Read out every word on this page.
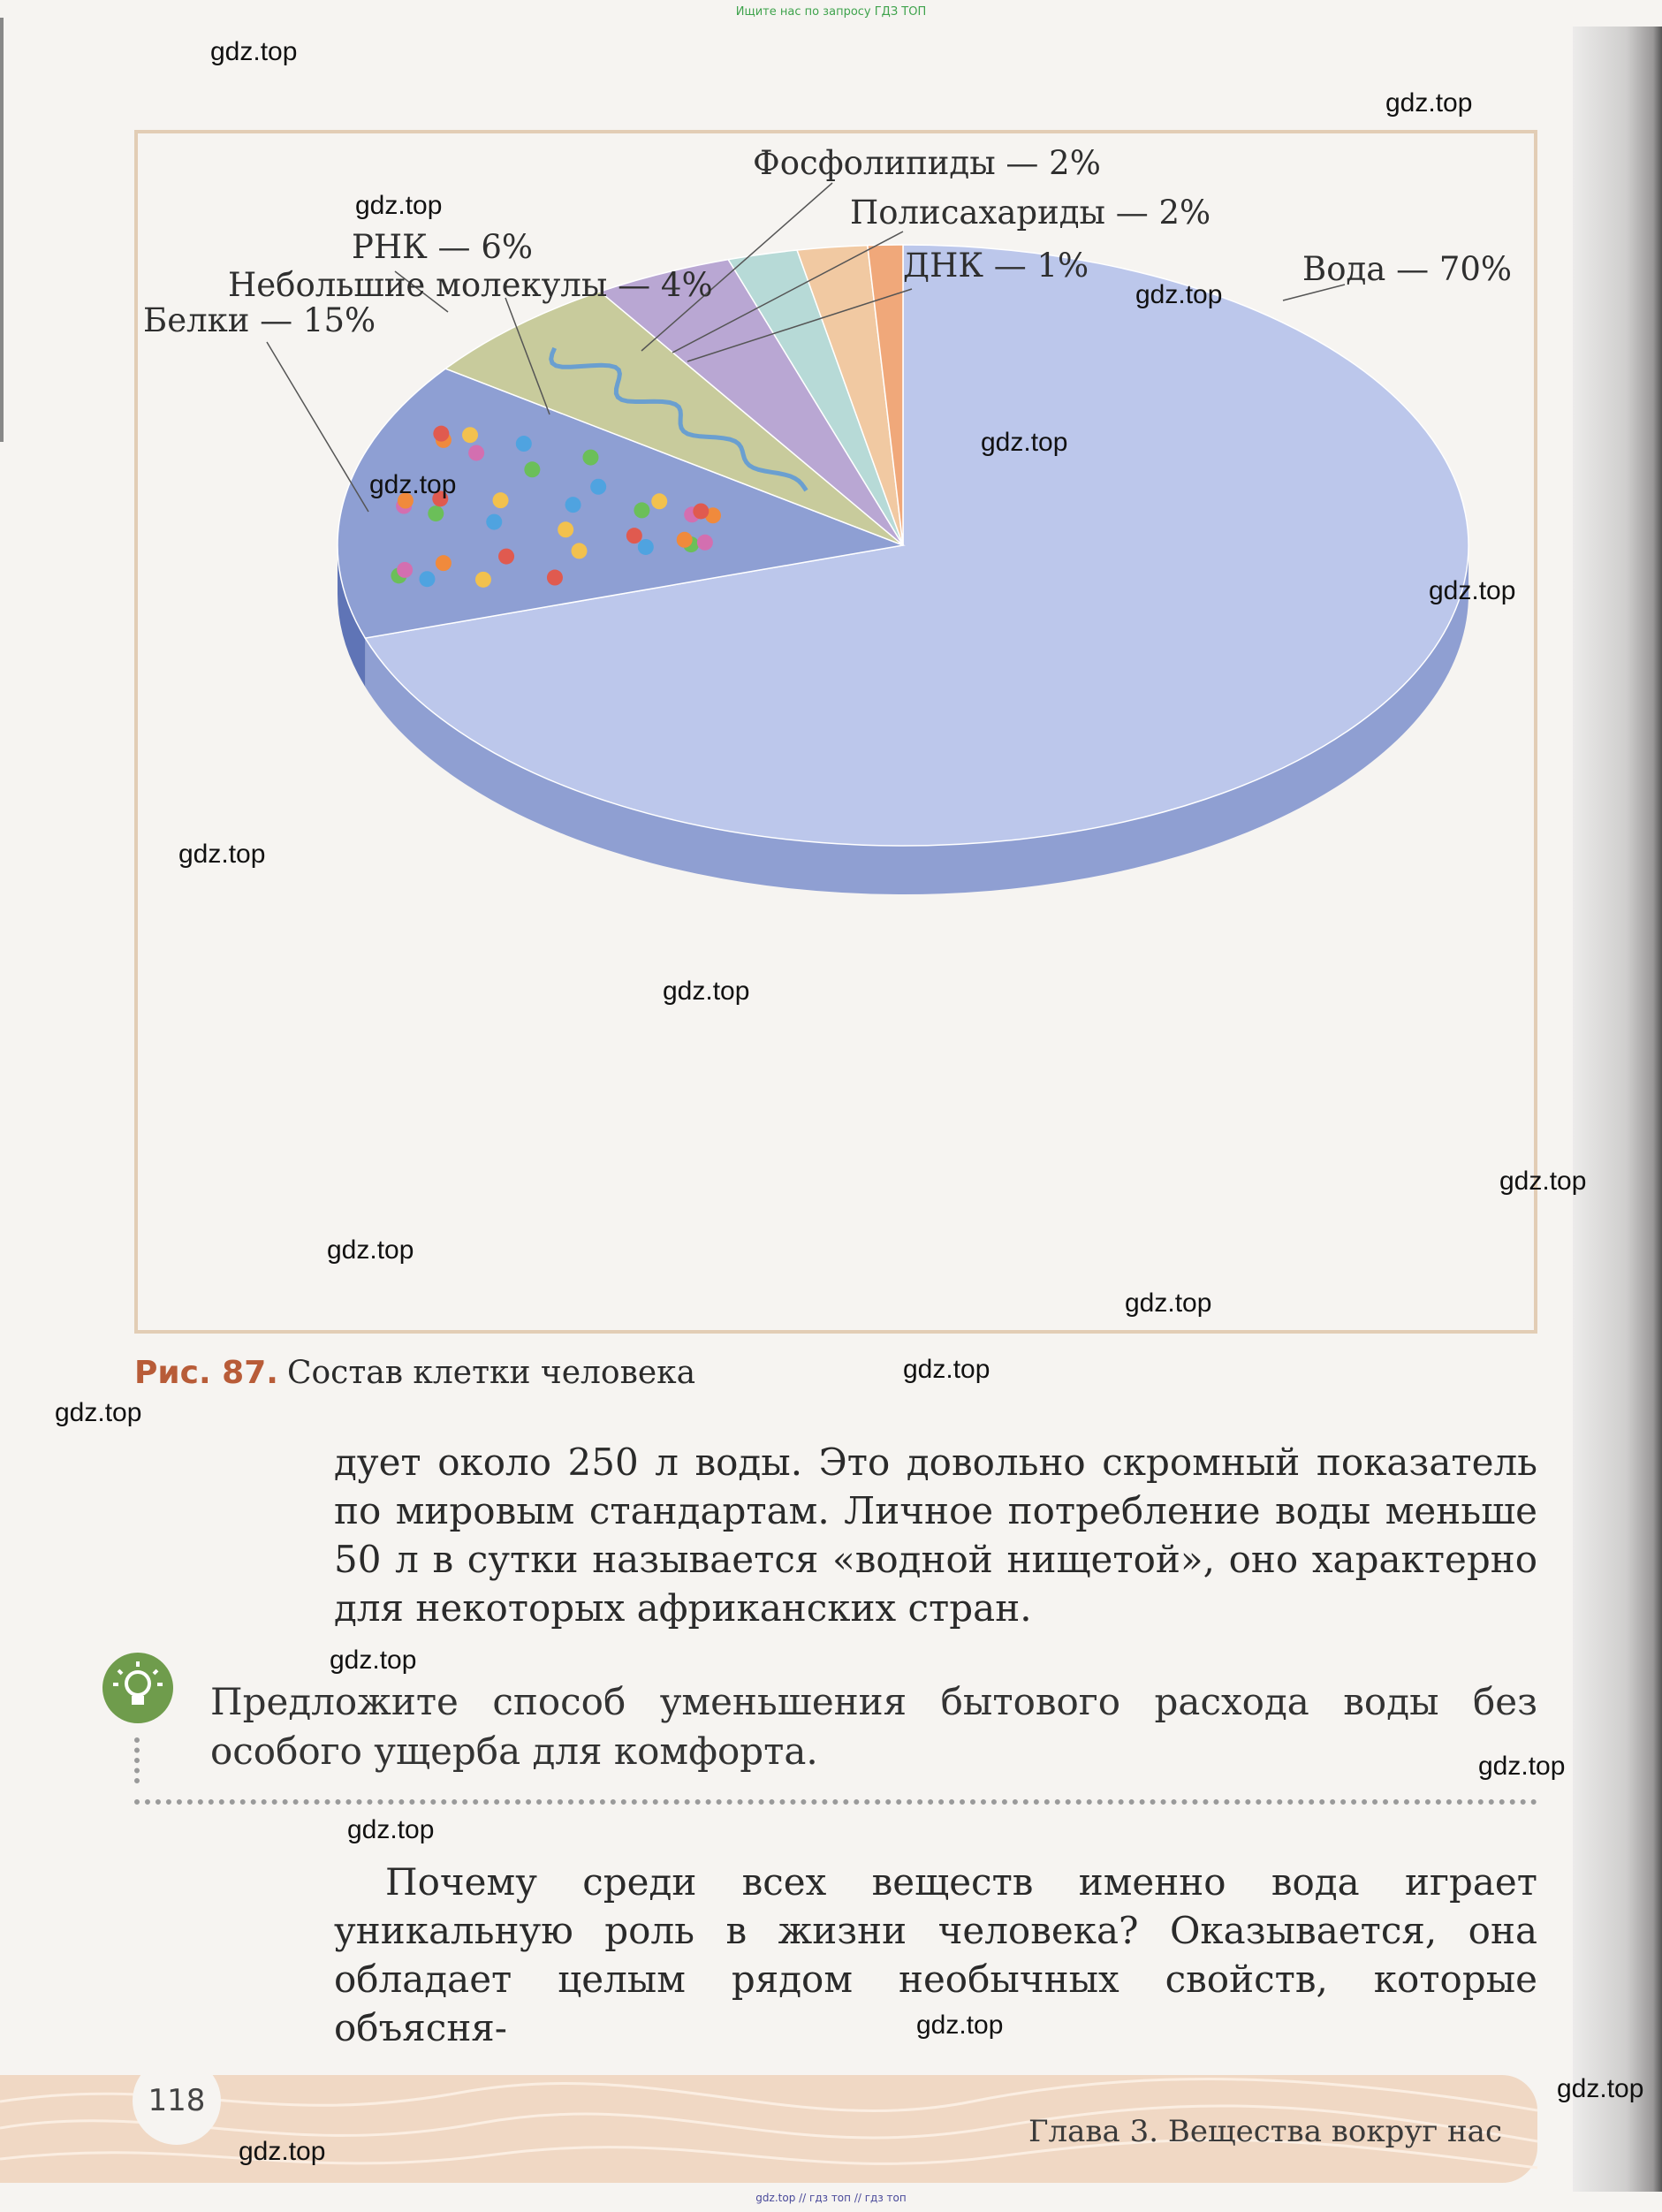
Ищите нас по запросу ГДЗ ТОП
Вода — 70%
Белки — 15%
РНК — 6%
Небольшие молекулы — 4%
Фосфолипиды — 2%
Полисахариды — 2%
ДНК — 1%
Рис. 87. Состав клетки человека
дует около 250 л воды. Это довольно скромный показатель по мировым стандартам. Личное потребление воды меньше 50 л в сутки называется «водной нищетой», оно характерно для некоторых африканских стран.
Предложите способ уменьшения бытового расхода воды без особого ущерба для комфорта.
Почему среди всех веществ именно вода играет уникальную роль в жизни человека? Оказывается, она обладает целым рядом необычных свойств, которые объясня-
118
Глава 3. Вещества вокруг нас
gdz.top
gdz.top
gdz.top
gdz.top
gdz.top
gdz.top
gdz.top
gdz.top
gdz.top
gdz.top
gdz.top
gdz.top
gdz.top
gdz.top
gdz.top
gdz.top
gdz.top
gdz.top
gdz.top
gdz.top
gdz.top // гдз топ // гдз топ
